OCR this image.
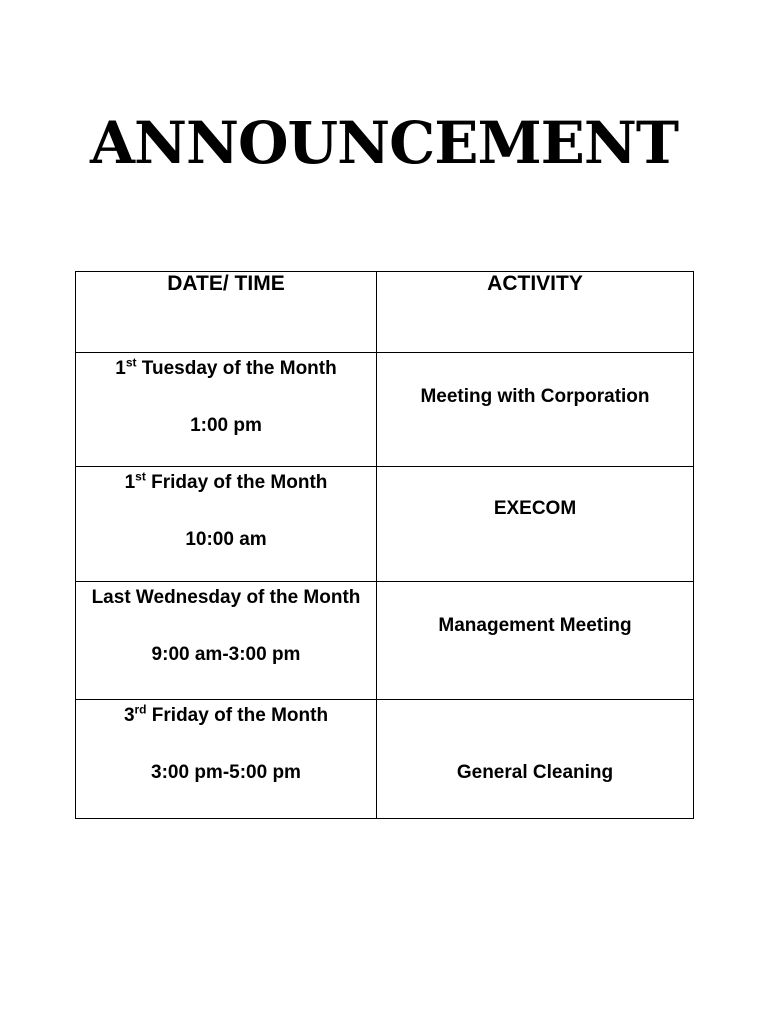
ANNOUNCEMENT
DATE/ TIME	ACTIVITY

1st Tuesday of the Month
1:00 pm	Meeting with Corporation

1st Friday of the Month
10:00 am	EXECOM

Last Wednesday of the Month
9:00 am-3:00 pm	Management Meeting

3rd Friday of the Month
3:00 pm-5:00 pm	General Cleaning
